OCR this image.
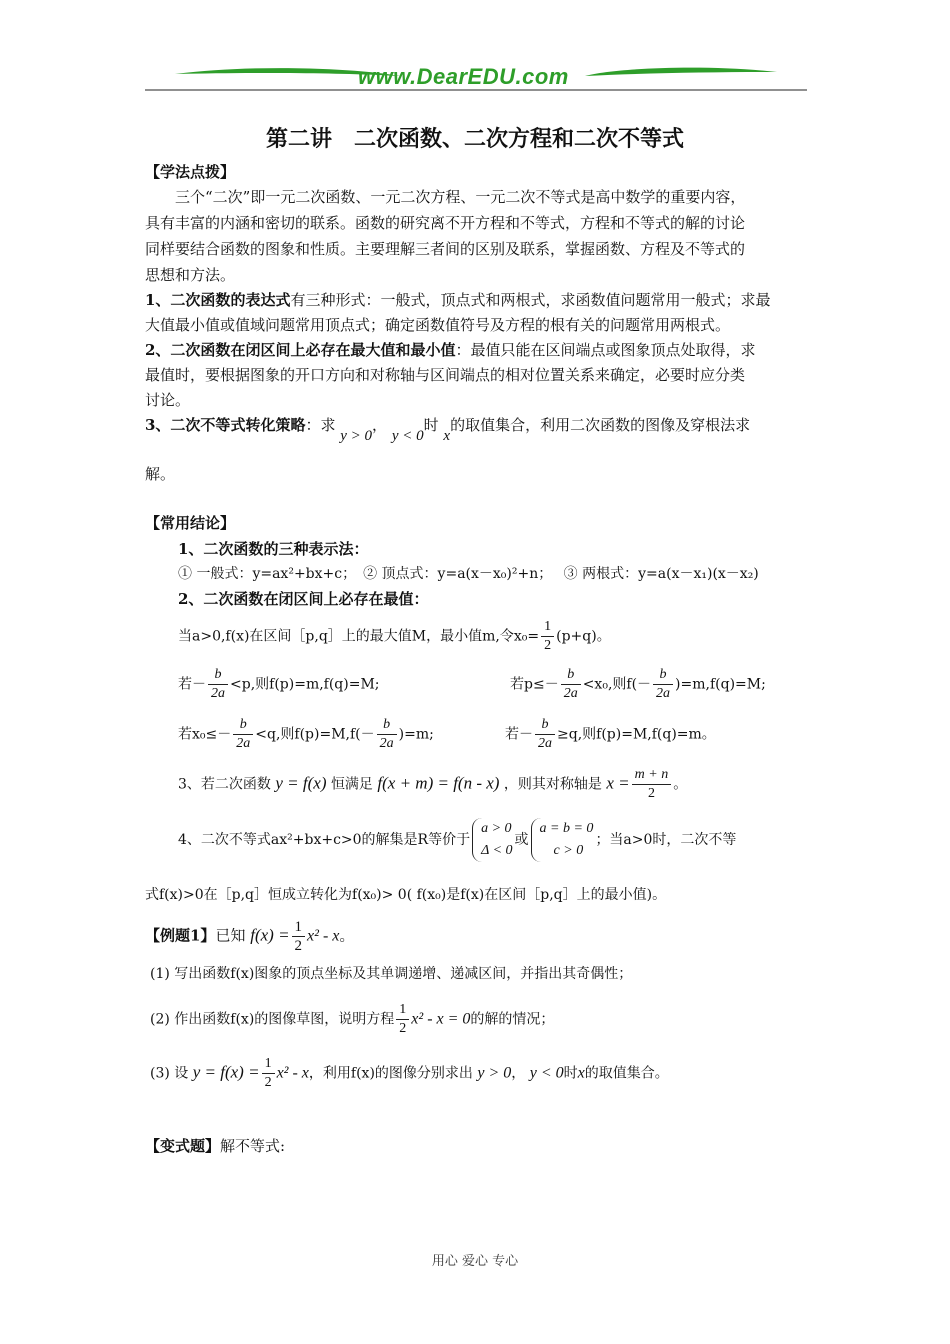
www.DearEDU.com
第二讲　二次函数、二次方程和二次不等式
【学法点拨】
三个“二次”即一元二次函数、一元二次方程、一元二次不等式是高中数学的重要内容，
具有丰富的内涵和密切的联系。函数的研究离不开方程和不等式，方程和不等式的解的讨论
同样要结合函数的图象和性质。主要理解三者间的区别及联系，掌握函数、方程及不等式的
思想和方法。
1、二次函数的表达式有三种形式：一般式，顶点式和两根式，求函数值问题常用一般式；求最
大值最小值或值域问题常用顶点式；确定函数值符号及方程的根有关的问题常用两根式。
2、二次函数在闭区间上必存在最大值和最小值：最值只能在区间端点或图象顶点处取得，求
最值时，要根据图象的开口方向和对称轴与区间端点的相对位置关系来确定，必要时应分类
讨论。
3、二次不等式转化策略：求 y > 0， y < 0时 x的取值集合，利用二次函数的图像及穿根法求
解。
【常用结论】
1、二次函数的三种表示法：
① 一般式：y=ax²+bx+c；　② 顶点式：y=a(x－x₀)²+n；　 ③ 两根式：y=a(x－x₁)(x－x₂)
2、二次函数在闭区间上必存在最值：
当a>0,f(x)在区间［p,q］上的最大值M，最小值m,令$x_0= \frac{1}{2} (p+q)$。
若－ $\frac{b}{2a} <p$,则f(p)=m,f(q)=M;	若$p\le- \frac{b}{2a} <x_0$,则$f(- \frac{b}{2a} )=m,f(q)=M$;
若$x_0\le- \frac{b}{2a} <q$,则$f(p)=M,f(- \frac{b}{2a} )=m$;	若－ $\frac{b}{2a} \ge q$,则f(p)=M,f(q)=m。
3、若二次函数 y = f(x) 恒满足 f(x + m) = f(n - x) ，则其对称轴是 $x = \frac{m + n}{2}$ 。
4、二次不等式ax²+bx+c>0的解集是R等价于
a > 0
Δ < 0
或
a = b = 0
c > 0
；当a>0时，二次不等
式f(x)>0在［p,q］恒成立转化为f(x₀)> 0( f(x₀)是f(x)在区间［p,q］上的最小值)。
【例题1】已知 $f(x) = \frac{1}{2} x^2 - x$。
(1) 写出函数f(x)图象的顶点坐标及其单调递增、递减区间，并指出其奇偶性；
(2) 作出函数f(x)的图像草图，说明方程 $\frac{1}{2} x^2 - x = 0$的解的情况；
(3) 设 $y = f(x) = \frac{1}{2} x^2 - x$，利用f(x)的图像分别求出 y > 0， y < 0时x的取值集合。
【变式题】解不等式:
用心 爱心 专心
